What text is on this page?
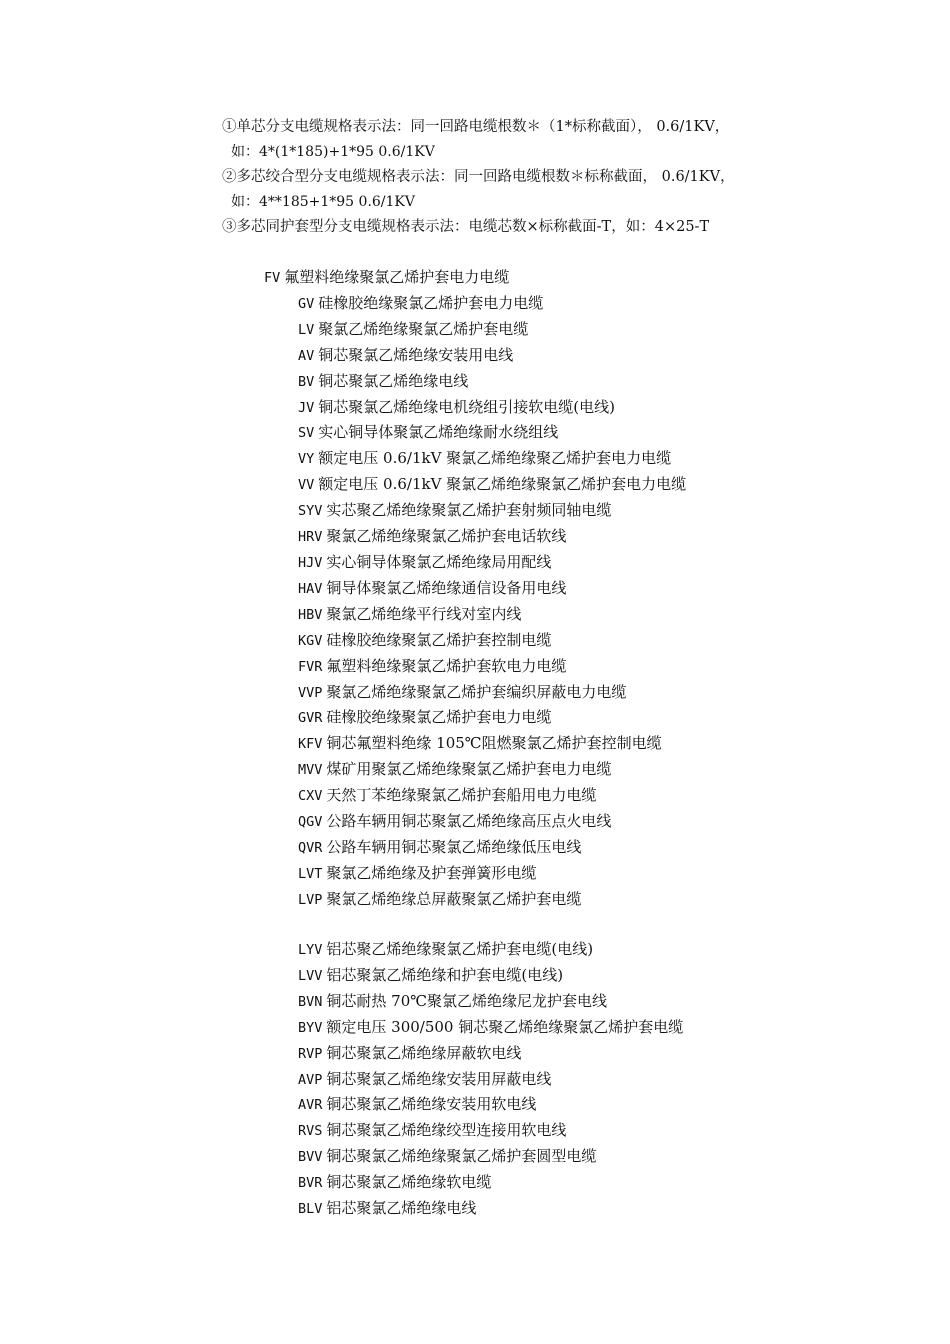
①单芯分支电缆规格表示法：同一回路电缆根数＊（1*标称截面）， 0.6/1KV，
如：4*(1*185)+1*95 0.6/1KV
②多芯绞合型分支电缆规格表示法：同一回路电缆根数＊标称截面， 0.6/1KV，
如：4**185+1*95 0.6/1KV
③多芯同护套型分支电缆规格表示法：电缆芯数×标称截面-T，如：4×25-T
FV 氟塑料绝缘聚氯乙烯护套电力电缆
GV 硅橡胶绝缘聚氯乙烯护套电力电缆
LV 聚氯乙烯绝缘聚氯乙烯护套电缆
AV 铜芯聚氯乙烯绝缘安装用电线
BV 铜芯聚氯乙烯绝缘电线
JV 铜芯聚氯乙烯绝缘电机绕组引接软电缆(电线)
SV 实心铜导体聚氯乙烯绝缘耐水绕组线
VY 额定电压 0.6/1kV 聚氯乙烯绝缘聚乙烯护套电力电缆
VV 额定电压 0.6/1kV 聚氯乙烯绝缘聚氯乙烯护套电力电缆
SYV 实芯聚乙烯绝缘聚氯乙烯护套射频同轴电缆
HRV 聚氯乙烯绝缘聚氯乙烯护套电话软线
HJV 实心铜导体聚氯乙烯绝缘局用配线
HAV 铜导体聚氯乙烯绝缘通信设备用电线
HBV 聚氯乙烯绝缘平行线对室内线
KGV 硅橡胶绝缘聚氯乙烯护套控制电缆
FVR 氟塑料绝缘聚氯乙烯护套软电力电缆
VVP 聚氯乙烯绝缘聚氯乙烯护套编织屏蔽电力电缆
GVR 硅橡胶绝缘聚氯乙烯护套电力电缆
KFV 铜芯氟塑料绝缘 105℃阻燃聚氯乙烯护套控制电缆
MVV 煤矿用聚氯乙烯绝缘聚氯乙烯护套电力电缆
CXV 天然丁苯绝缘聚氯乙烯护套船用电力电缆
QGV 公路车辆用铜芯聚氯乙烯绝缘高压点火电线
QVR 公路车辆用铜芯聚氯乙烯绝缘低压电线
LVT 聚氯乙烯绝缘及护套弹簧形电缆
LVP 聚氯乙烯绝缘总屏蔽聚氯乙烯护套电缆
LYV 铝芯聚乙烯绝缘聚氯乙烯护套电缆(电线)
LVV 铝芯聚氯乙烯绝缘和护套电缆(电线)
BVN 铜芯耐热 70℃聚氯乙烯绝缘尼龙护套电线
BYV 额定电压 300/500 铜芯聚乙烯绝缘聚氯乙烯护套电缆
RVP 铜芯聚氯乙烯绝缘屏蔽软电线
AVP 铜芯聚氯乙烯绝缘安装用屏蔽电线
AVR 铜芯聚氯乙烯绝缘安装用软电线
RVS 铜芯聚氯乙烯绝缘绞型连接用软电线
BVV 铜芯聚氯乙烯绝缘聚氯乙烯护套圆型电缆
BVR 铜芯聚氯乙烯绝缘软电缆
BLV 铝芯聚氯乙烯绝缘电线
